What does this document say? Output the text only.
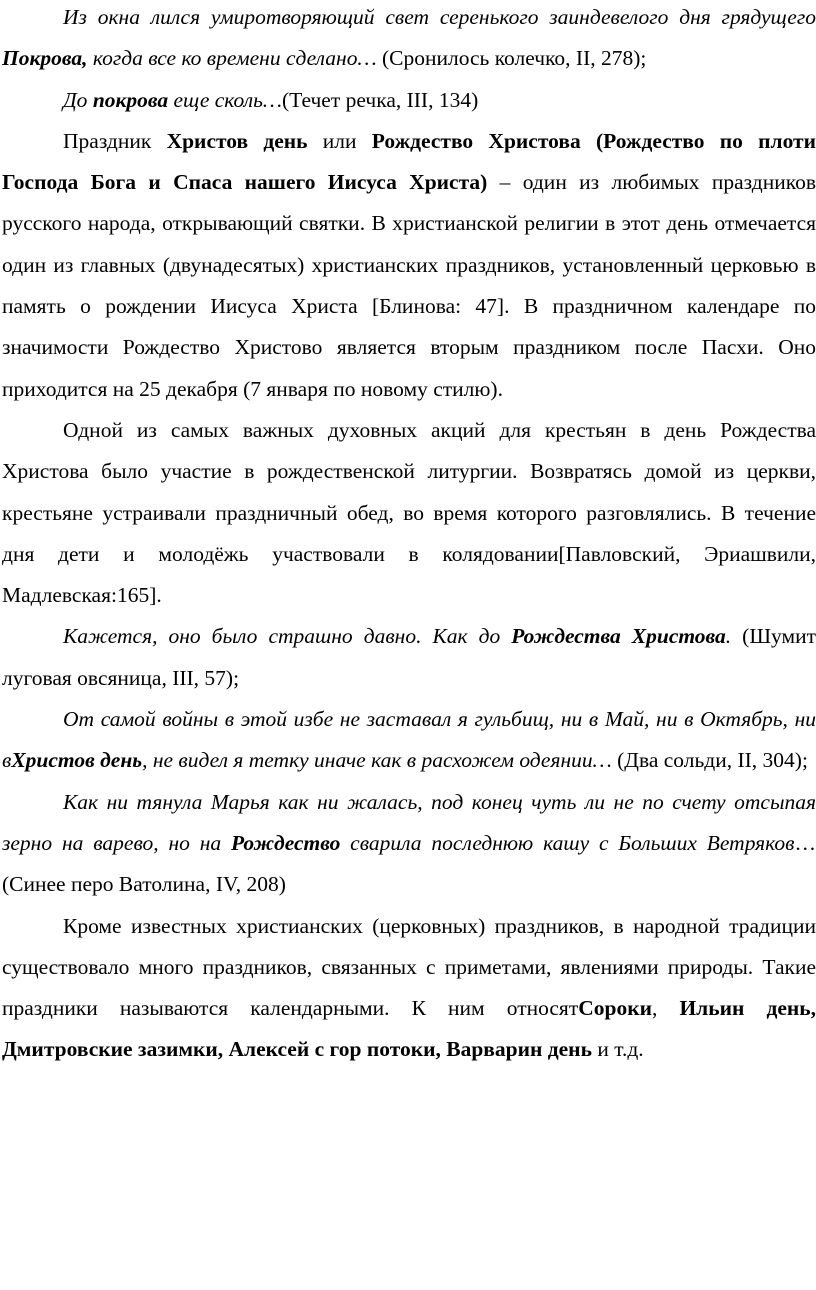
Из окна лился умиротворяющий свет серенького заиндевелого дня грядущего Покрова, когда все ко времени сделано… (Сронилось колечко, II, 278);

До покрова еще сколь…(Течет речка, III, 134)

Праздник Христов день или Рождество Христова (Рождество по плоти Господа Бога и Спаса нашего Иисуса Христа) – один из любимых праздников русского народа, открывающий святки. В христианской религии в этот день отмечается один из главных (двунадесятых) христианских праздников, установленный церковью в память о рождении Иисуса Христа [Блинова: 47]. В праздничном календаре по значимости Рождество Христово является вторым праздником после Пасхи. Оно приходится на 25 декабря (7 января по новому стилю).

Одной из самых важных духовных акций для крестьян в день Рождества Христова было участие в рождественской литургии. Возвратясь домой из церкви, крестьяне устраивали праздничный обед, во время которого разговлялись. В течение дня дети и молодёжь участвовали в колядовании[Павловский, Эриашвили, Мадлевская:165].

Кажется, оно было страшно давно. Как до Рождества Христова. (Шумит луговая овсяница, III, 57);

От самой войны в этой избе не заставал я гульбищ, ни в Май, ни в Октябрь, ни вХристов день, не видел я тетку иначе как в расхожем одеянии… (Два сольди, II, 304);

Как ни тянула Марья как ни жалась, под конец чуть ли не по счету отсыпая зерно на варево, но на Рождество сварила последнюю кашу с Больших Ветряков…(Синее перо Ватолина, IV, 208)

Кроме известных христианских (церковных) праздников, в народной традиции существовало много праздников, связанных с приметами, явлениями природы. Такие праздники называются календарными. К ним относятСороки, Ильин день, Дмитровские зазимки, Алексей с гор потоки, Варварин день и т.д.
